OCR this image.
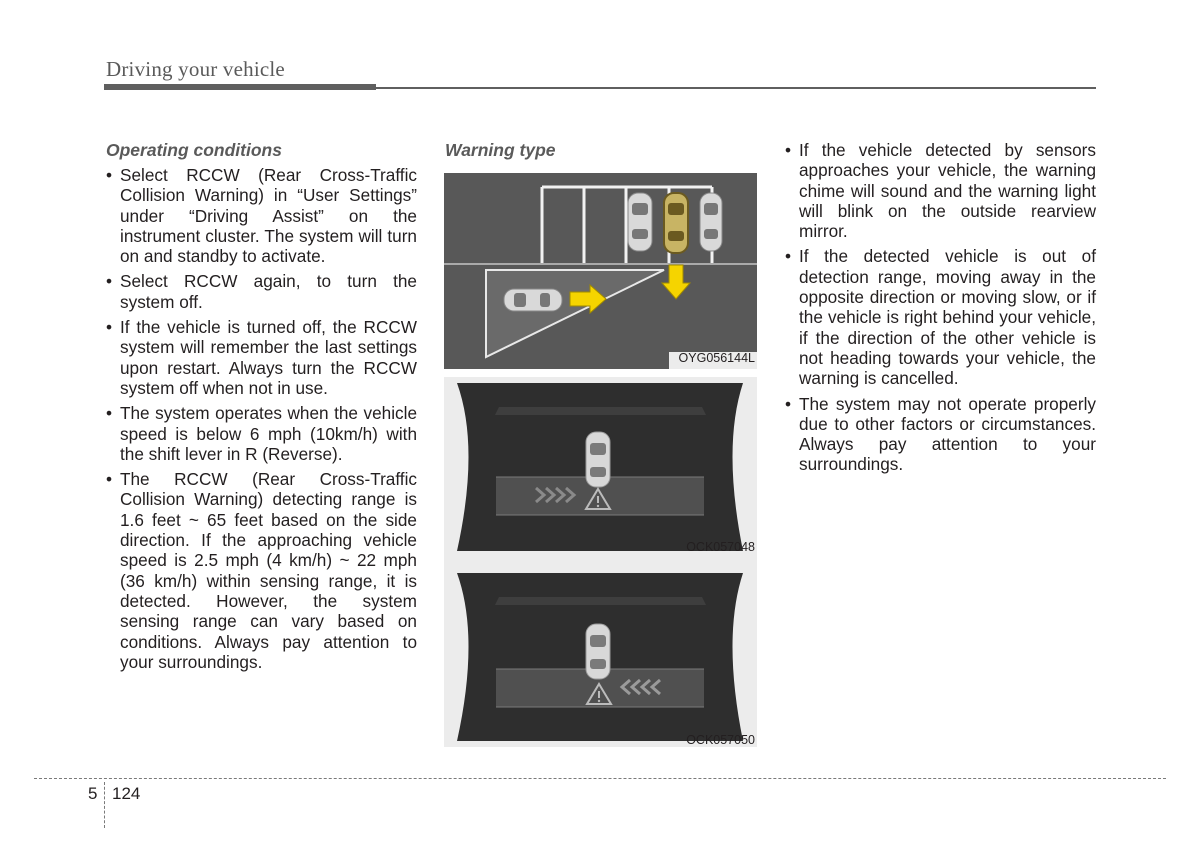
Driving your vehicle
Operating conditions
• Select RCCW (Rear Cross-Traffic Collision Warning) in “User Settings” under “Driving Assist” on the instrument cluster. The system will turn on and standby to activate.
• Select RCCW again, to turn the system off.
• If the vehicle is turned off, the RCCW system will remember the last settings upon restart. Always turn the RCCW system off when not in use.
• The system operates when the vehicle speed is below 6 mph (10km/h) with the shift lever in R (Reverse).
• The RCCW (Rear Cross-Traffic Collision Warning) detecting range is 1.6 feet ~ 65 feet based on the side direction. If the approaching vehicle speed is 2.5 mph (4 km/h) ~ 22 mph (36 km/h) within sensing range, it is detected. However, the system sensing range can vary based on conditions. Always pay attention to your surroundings.
Warning type
OYG056144L
OCK057048
OCK057050
• If the vehicle detected by sensors approaches your vehicle, the warning chime will sound and the warning light will blink on the outside rearview mirror.
• If the detected vehicle is out of detection range, moving away in the opposite direction or moving slow, or if the vehicle is right behind your vehicle, if the direction of the other vehicle is not heading towards your vehicle, the warning is cancelled.
• The system may not operate properly due to other factors or circumstances. Always pay attention to your surroundings.
5 124
